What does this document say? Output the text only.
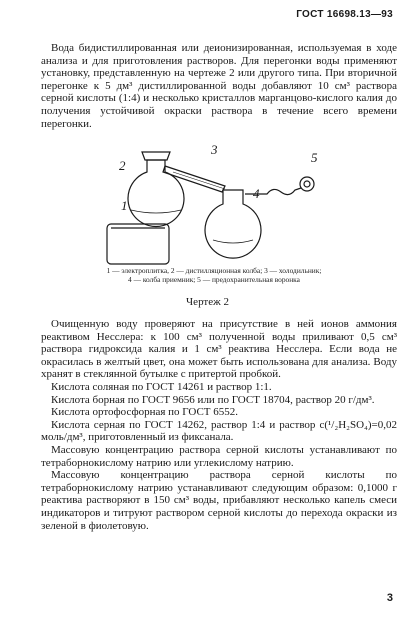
ГОСТ 16698.13—93

Вода бидистиллированная или деионизированная, используемая в ходе анализа и для приготовления растворов. Для перегонки воды применяют установку, представленную на чертеже 2 или другого типа. При вторичной перегонке к 5 дм³ дистиллированной воды добавляют 10 см³ раствора серной кислоты (1:4) и несколько кристаллов марганцово-кислого калия до получения устойчивой окраски раствора в течение всего времени перегонки.

1
2
3
4
5
1 — электроплитка, 2 — дистилляционная колба; 3 — холодильник; 4 — колба приемник; 5 — предохранительная воронка
Чертеж 2

Очищенную воду проверяют на присутствие в ней ионов аммония реактивом Несслера: к 100 см³ полученной воды приливают 0,5 см³ раствора гидроксида калия и 1 см³ реактива Несслера. Если вода не окрасилась в желтый цвет, она может быть использована для анализа. Воду хранят в стеклянной бутылке с притертой пробкой.

Кислота соляная по ГОСТ 14261 и раствор 1:1.

Кислота борная по ГОСТ 9656 или по ГОСТ 18704, раствор 20 г/дм³.

Кислота ортофосфорная по ГОСТ 6552.

Кислота серная по ГОСТ 14262, раствор 1:4 и раствор c(¹/₂H₂SO₄)=0,02 моль/дм³, приготовленный из фиксанала.

Массовую концентрацию раствора серной кислоты устанавливают по тетраборнокислому натрию или углекислому натрию.

Массовую концентрацию раствора серной кислоты по тетраборнокислому натрию устанавливают следующим образом: 0,1000 г реактива растворяют в 150 см³ воды, прибавляют несколько капель смеси индикаторов и титруют раствором серной кислоты до перехода окраски из зеленой в фиолетовую.

3
